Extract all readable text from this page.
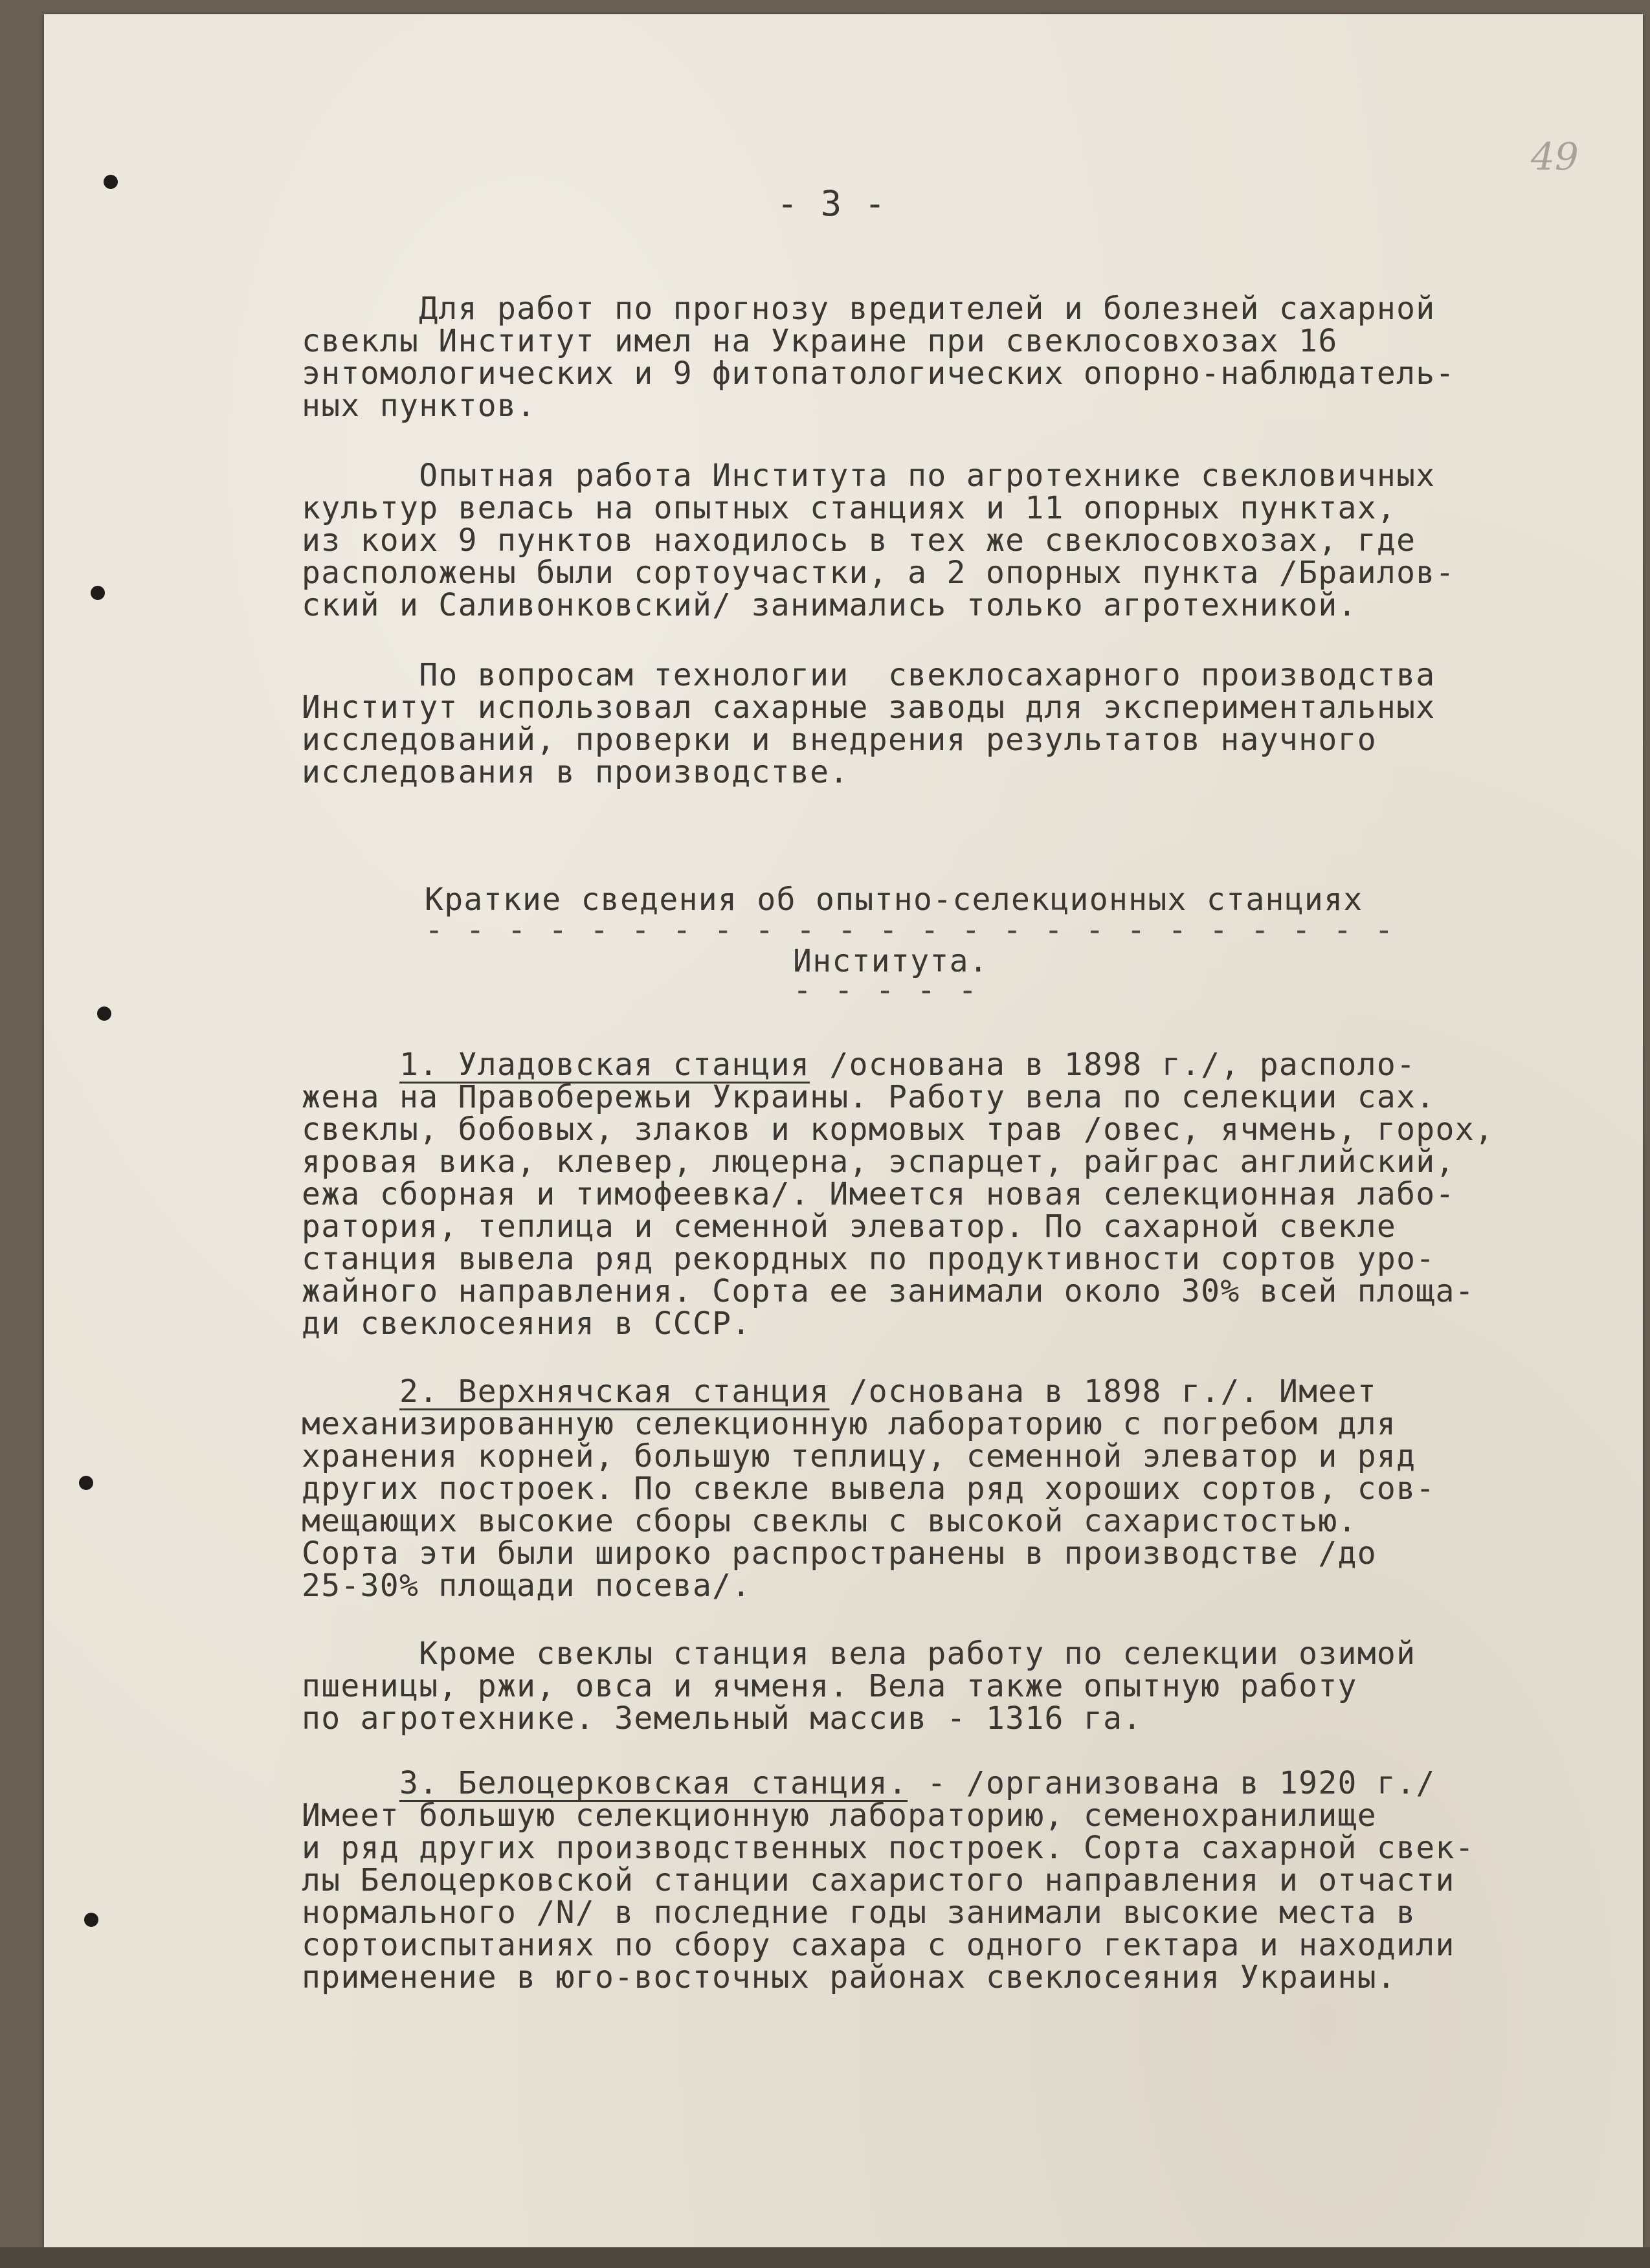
49

- 3 -

Для работ по прогнозу вредителей и болезней сахарной
свеклы Институт имел на Украине при свеклосовхозах 16
энтомологических и 9 фитопатологических опорно-наблюдатель-
ных пунктов.

Опытная работа Института по агротехнике свекловичных
культур велась на опытных станциях и 11 опорных пунктах,
из коих 9 пунктов находилось в тех же свеклосовхозах, где
расположены были сортоучастки, а 2 опорных пункта /Браилов-
ский и Саливонковский/ занимались только агротехникой.

По вопросам технологии  свеклосахарного производства
Институт использовал сахарные заводы для экспериментальных
исследований, проверки и внедрения результатов научного
исследования в производстве.

Краткие сведения об опытно-селекционных станциях

- - - - - - - - - - - - - - - - - - - - - - - -

Института.

- - - - -

1. Уладовская станция /основана в 1898 г./, располо-
жена на Правобережьи Украины. Работу вела по селекции сах.
свеклы, бобовых, злаков и кормовых трав /овес, ячмень, горох,
яровая вика, клевер, люцерна, эспарцет, райграс английский,
ежа сборная и тимофеевка/. Имеется новая селекционная лабо-
ратория, теплица и семенной элеватор. По сахарной свекле
станция вывела ряд рекордных по продуктивности сортов уро-
жайного направления. Сорта ее занимали около 30% всей площа-
ди свеклосеяния в СССР.

2. Верхнячская станция /основана в 1898 г./. Имеет
механизированную селекционную лабораторию с погребом для
хранения корней, большую теплицу, семенной элеватор и ряд
других построек. По свекле вывела ряд хороших сортов, сов-
мещающих высокие сборы свеклы с высокой сахаристостью.
Сорта эти были широко распространены в производстве /до
25-30% площади посева/.

Кроме свеклы станция вела работу по селекции озимой
пшеницы, ржи, овса и ячменя. Вела также опытную работу
по агротехнике. Земельный массив - 1316 га.

3. Белоцерковская станция. - /организована в 1920 г./
Имеет большую селекционную лабораторию, семенохранилище
и ряд других производственных построек. Сорта сахарной свек-
лы Белоцерковской станции сахаристого направления и отчасти
нормального /N/ в последние годы занимали высокие места в
сортоиспытаниях по сбору сахара с одного гектара и находили
применение в юго-восточных районах свеклосеяния Украины.
